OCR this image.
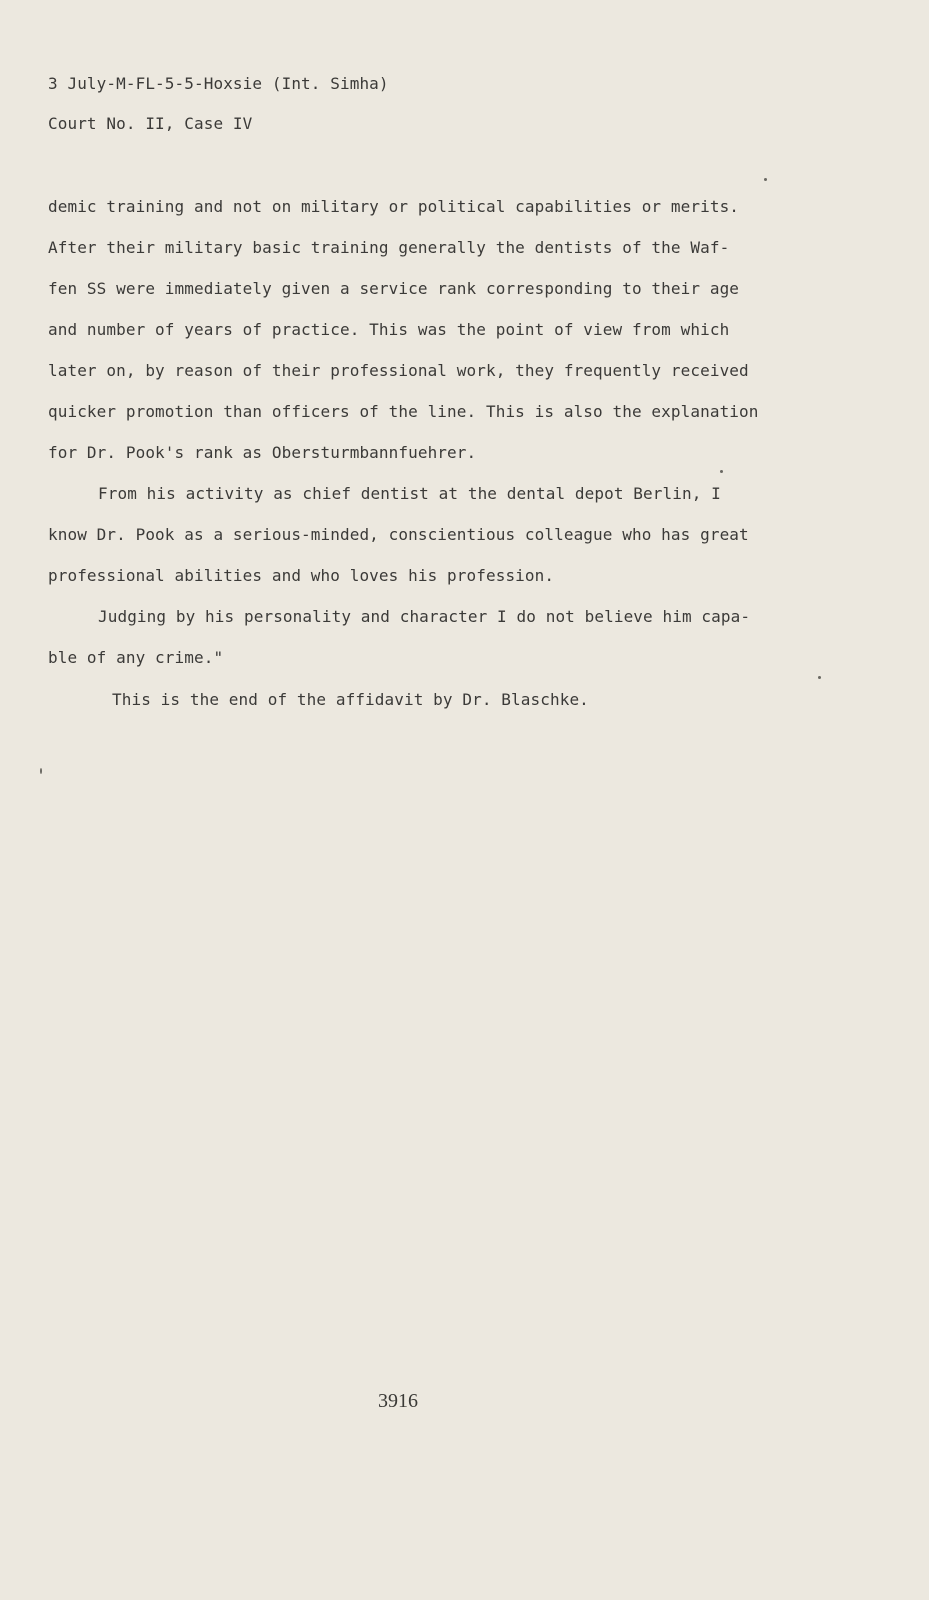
3 July-M-FL-5-5-Hoxsie (Int. Simha)
Court No. II, Case IV
demic training and not on military or political capabilities or merits.
After their military basic training generally the dentists of the Waf-
fen SS were immediately given a service rank corresponding to their age
and number of years of practice. This was the point of view from which
later on, by reason of their professional work, they frequently received
quicker promotion than officers of the line. This is also the explanation
for Dr. Pook's rank as Obersturmbannfuehrer.
From his activity as chief dentist at the dental depot Berlin, I
know Dr. Pook as a serious-minded, conscientious colleague who has great
professional abilities and who loves his profession.
Judging by his personality and character I do not believe him capa-
ble of any crime."
This is the end of the affidavit by Dr. Blaschke.
3916
